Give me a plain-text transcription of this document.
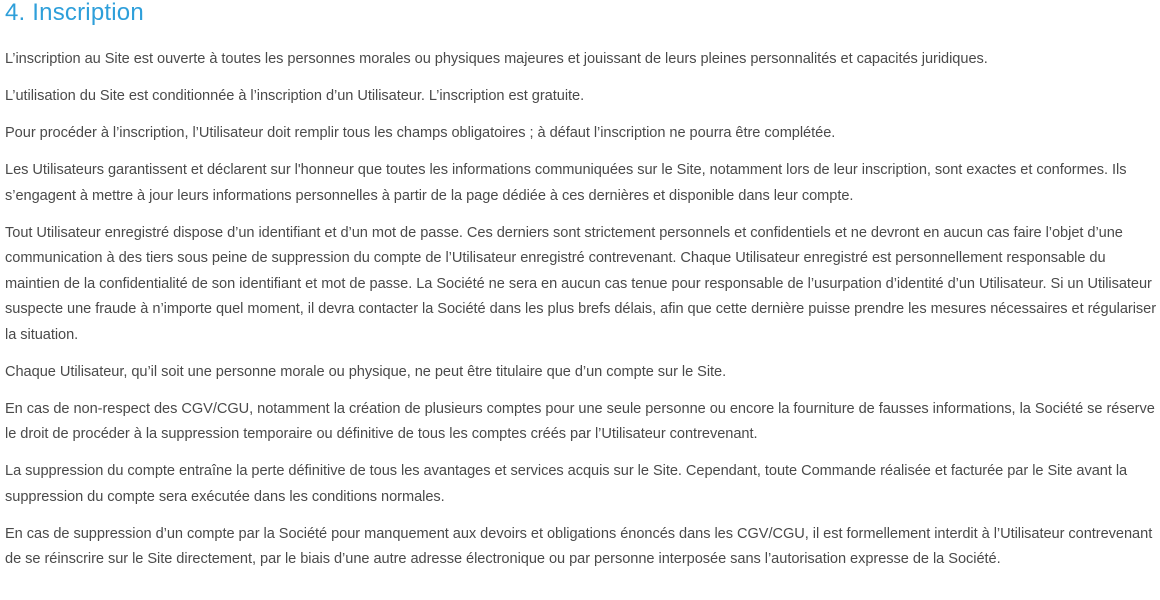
4. Inscription

L’inscription au Site est ouverte à toutes les personnes morales ou physiques majeures et jouissant de leurs pleines personnalités et capacités juridiques.

L’utilisation du Site est conditionnée à l’inscription d’un Utilisateur. L’inscription est gratuite.

Pour procéder à l’inscription, l’Utilisateur doit remplir tous les champs obligatoires ; à défaut l’inscription ne pourra être complétée.

Les Utilisateurs garantissent et déclarent sur l'honneur que toutes les informations communiquées sur le Site, notamment lors de leur inscription, sont exactes et conformes. Ils s’engagent à mettre à jour leurs informations personnelles à partir de la page dédiée à ces dernières et disponible dans leur compte.

Tout Utilisateur enregistré dispose d’un identifiant et d’un mot de passe. Ces derniers sont strictement personnels et confidentiels et ne devront en aucun cas faire l’objet d’une communication à des tiers sous peine de suppression du compte de l’Utilisateur enregistré contrevenant. Chaque Utilisateur enregistré est personnellement responsable du maintien de la confidentialité de son identifiant et mot de passe. La Société ne sera en aucun cas tenue pour responsable de l’usurpation d’identité d’un Utilisateur. Si un Utilisateur suspecte une fraude à n’importe quel moment, il devra contacter la Société dans les plus brefs délais, afin que cette dernière puisse prendre les mesures nécessaires et régulariser la situation.

Chaque Utilisateur, qu’il soit une personne morale ou physique, ne peut être titulaire que d’un compte sur le Site.

En cas de non-respect des CGV/CGU, notamment la création de plusieurs comptes pour une seule personne ou encore la fourniture de fausses informations, la Société se réserve le droit de procéder à la suppression temporaire ou définitive de tous les comptes créés par l’Utilisateur contrevenant.

La suppression du compte entraîne la perte définitive de tous les avantages et services acquis sur le Site. Cependant, toute Commande réalisée et facturée par le Site avant la suppression du compte sera exécutée dans les conditions normales.

En cas de suppression d’un compte par la Société pour manquement aux devoirs et obligations énoncés dans les CGV/CGU, il est formellement interdit à l’Utilisateur contrevenant de se réinscrire sur le Site directement, par le biais d’une autre adresse électronique ou par personne interposée sans l’autorisation expresse de la Société.
